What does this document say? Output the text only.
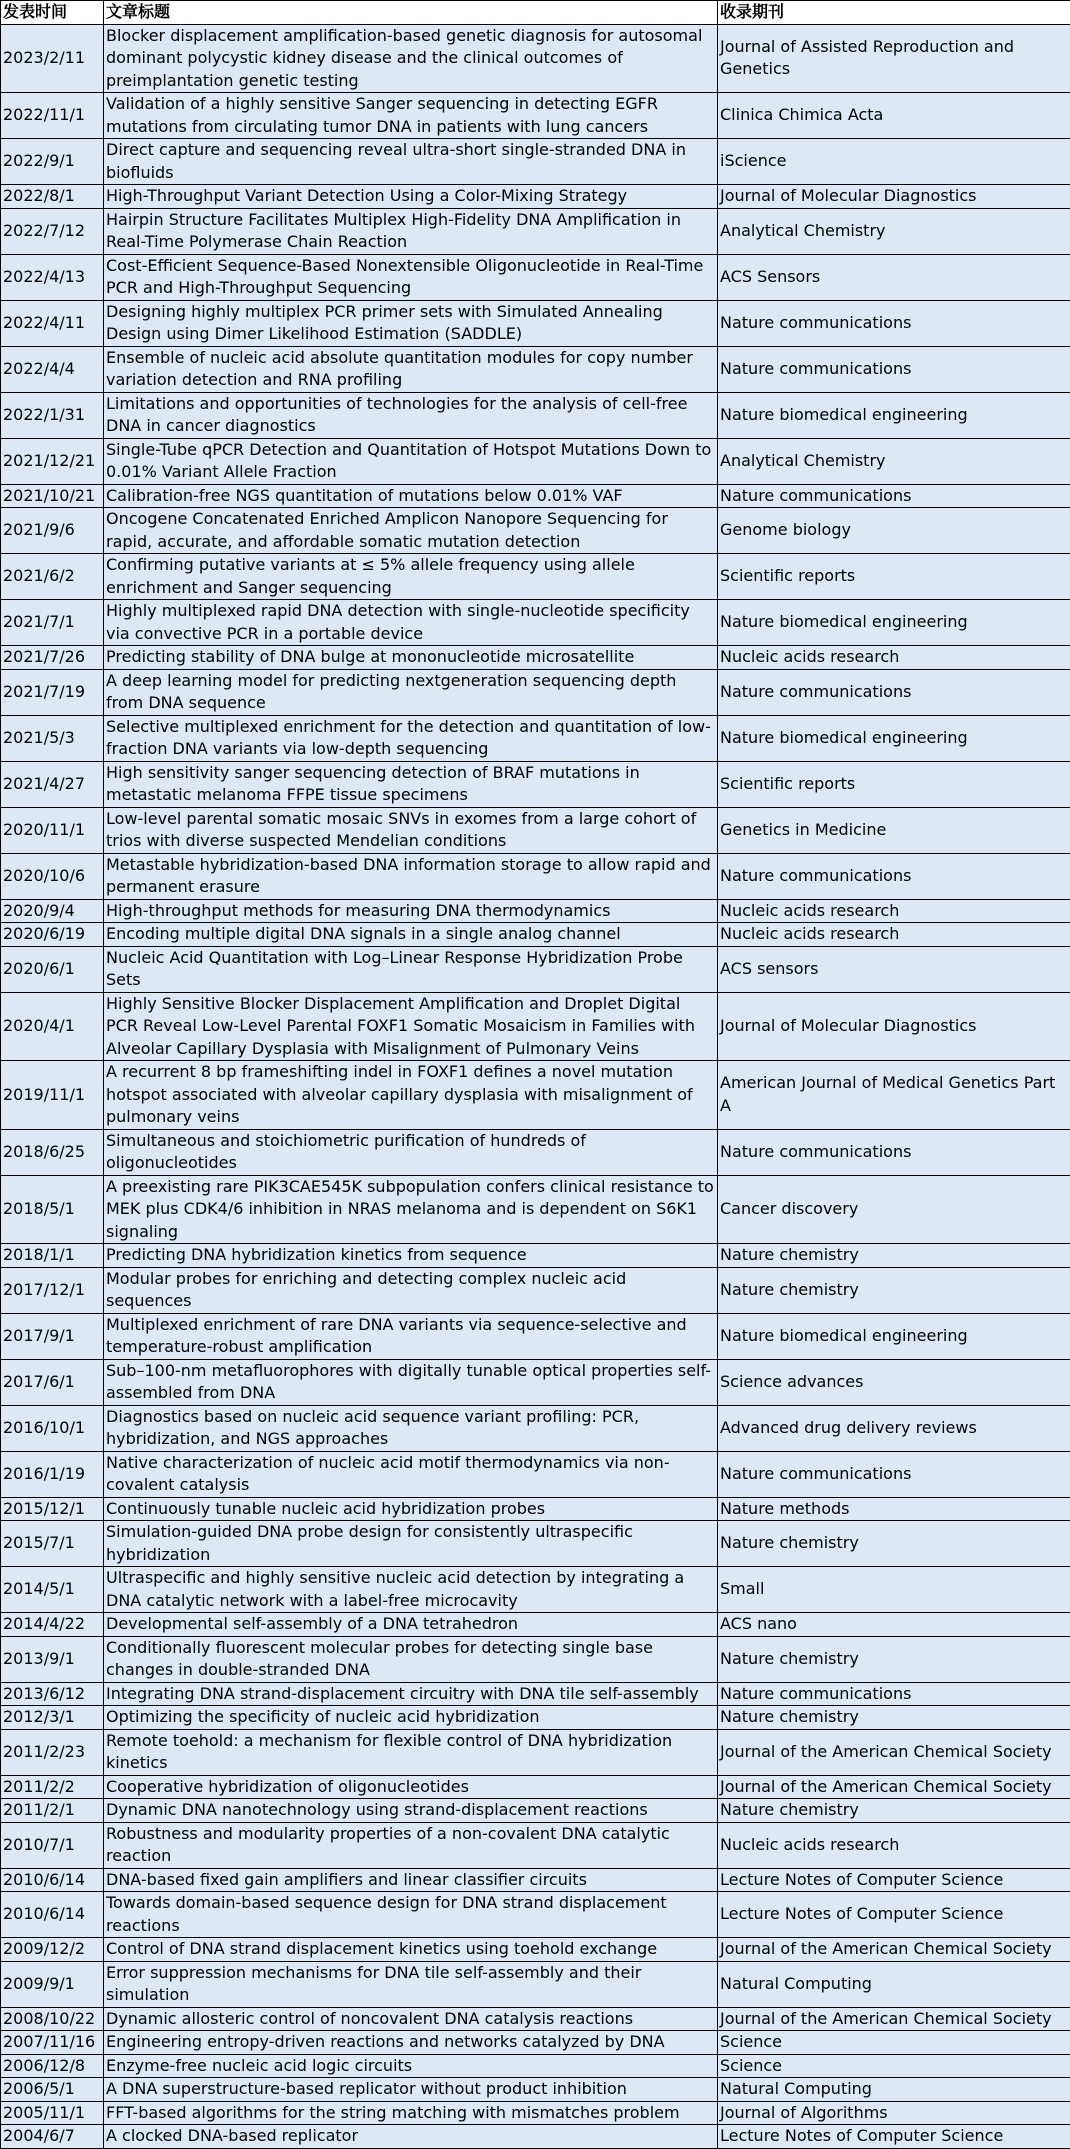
发表时间	文章标题	收录期刊
2023/2/11	Blocker displacement amplification-based genetic diagnosis for autosomal dominant polycystic kidney disease and the clinical outcomes of preimplantation genetic testing	Journal of Assisted Reproduction and Genetics
2022/11/1	Validation of a highly sensitive Sanger sequencing in detecting EGFR mutations from circulating tumor DNA in patients with lung cancers	Clinica Chimica Acta
2022/9/1	Direct capture and sequencing reveal ultra-short single-stranded DNA in biofluids	iScience
2022/8/1	High-Throughput Variant Detection Using a Color-Mixing Strategy	Journal of Molecular Diagnostics
2022/7/12	Hairpin Structure Facilitates Multiplex High-Fidelity DNA Amplification in Real-Time Polymerase Chain Reaction	Analytical Chemistry
2022/4/13	Cost-Efficient Sequence-Based Nonextensible Oligonucleotide in Real-Time PCR and High-Throughput Sequencing	ACS Sensors
2022/4/11	Designing highly multiplex PCR primer sets with Simulated Annealing Design using Dimer Likelihood Estimation (SADDLE)	Nature communications
2022/4/4	Ensemble of nucleic acid absolute quantitation modules for copy number variation detection and RNA profiling	Nature communications
2022/1/31	Limitations and opportunities of technologies for the analysis of cell-free DNA in cancer diagnostics	Nature biomedical engineering
2021/12/21	Single-Tube qPCR Detection and Quantitation of Hotspot Mutations Down to 0.01% Variant Allele Fraction	Analytical Chemistry
2021/10/21	Calibration-free NGS quantitation of mutations below 0.01% VAF	Nature communications
2021/9/6	Oncogene Concatenated Enriched Amplicon Nanopore Sequencing for rapid, accurate, and affordable somatic mutation detection	Genome biology
2021/6/2	Confirming putative variants at ≤ 5% allele frequency using allele enrichment and Sanger sequencing	Scientific reports
2021/7/1	Highly multiplexed rapid DNA detection with single-nucleotide specificity via convective PCR in a portable device	Nature biomedical engineering
2021/7/26	Predicting stability of DNA bulge at mononucleotide microsatellite	Nucleic acids research
2021/7/19	A deep learning model for predicting nextgeneration sequencing depth from DNA sequence	Nature communications
2021/5/3	Selective multiplexed enrichment for the detection and quantitation of low-fraction DNA variants via low-depth sequencing	Nature biomedical engineering
2021/4/27	High sensitivity sanger sequencing detection of BRAF mutations in metastatic melanoma FFPE tissue specimens	Scientific reports
2020/11/1	Low-level parental somatic mosaic SNVs in exomes from a large cohort of trios with diverse suspected Mendelian conditions	Genetics in Medicine
2020/10/6	Metastable hybridization-based DNA information storage to allow rapid and permanent erasure	Nature communications
2020/9/4	High-throughput methods for measuring DNA thermodynamics	Nucleic acids research
2020/6/19	Encoding multiple digital DNA signals in a single analog channel	Nucleic acids research
2020/6/1	Nucleic Acid Quantitation with Log–Linear Response Hybridization Probe Sets	ACS sensors
2020/4/1	Highly Sensitive Blocker Displacement Amplification and Droplet Digital PCR Reveal Low-Level Parental FOXF1 Somatic Mosaicism in Families with Alveolar Capillary Dysplasia with Misalignment of Pulmonary Veins	Journal of Molecular Diagnostics
2019/11/1	A recurrent 8 bp frameshifting indel in FOXF1 defines a novel mutation hotspot associated with alveolar capillary dysplasia with misalignment of pulmonary veins	American Journal of Medical Genetics Part A
2018/6/25	Simultaneous and stoichiometric purification of hundreds of oligonucleotides	Nature communications
2018/5/1	A preexisting rare PIK3CAE545K subpopulation confers clinical resistance to MEK plus CDK4/6 inhibition in NRAS melanoma and is dependent on S6K1 signaling	Cancer discovery
2018/1/1	Predicting DNA hybridization kinetics from sequence	Nature chemistry
2017/12/1	Modular probes for enriching and detecting complex nucleic acid sequences	Nature chemistry
2017/9/1	Multiplexed enrichment of rare DNA variants via sequence-selective and temperature-robust amplification	Nature biomedical engineering
2017/6/1	Sub–100-nm metafluorophores with digitally tunable optical properties self-assembled from DNA	Science advances
2016/10/1	Diagnostics based on nucleic acid sequence variant profiling: PCR, hybridization, and NGS approaches	Advanced drug delivery reviews
2016/1/19	Native characterization of nucleic acid motif thermodynamics via non-covalent catalysis	Nature communications
2015/12/1	Continuously tunable nucleic acid hybridization probes	Nature methods
2015/7/1	Simulation-guided DNA probe design for consistently ultraspecific hybridization	Nature chemistry
2014/5/1	Ultraspecific and highly sensitive nucleic acid detection by integrating a DNA catalytic network with a label-free microcavity	Small
2014/4/22	Developmental self-assembly of a DNA tetrahedron	ACS nano
2013/9/1	Conditionally fluorescent molecular probes for detecting single base changes in double-stranded DNA	Nature chemistry
2013/6/12	Integrating DNA strand-displacement circuitry with DNA tile self-assembly	Nature communications
2012/3/1	Optimizing the specificity of nucleic acid hybridization	Nature chemistry
2011/2/23	Remote toehold: a mechanism for flexible control of DNA hybridization kinetics	Journal of the American Chemical Society
2011/2/2	Cooperative hybridization of oligonucleotides	Journal of the American Chemical Society
2011/2/1	Dynamic DNA nanotechnology using strand-displacement reactions	Nature chemistry
2010/7/1	Robustness and modularity properties of a non-covalent DNA catalytic reaction	Nucleic acids research
2010/6/14	DNA-based fixed gain amplifiers and linear classifier circuits	Lecture Notes of Computer Science
2010/6/14	Towards domain-based sequence design for DNA strand displacement reactions	Lecture Notes of Computer Science
2009/12/2	Control of DNA strand displacement kinetics using toehold exchange	Journal of the American Chemical Society
2009/9/1	Error suppression mechanisms for DNA tile self-assembly and their simulation	Natural Computing
2008/10/22	Dynamic allosteric control of noncovalent DNA catalysis reactions	Journal of the American Chemical Society
2007/11/16	Engineering entropy-driven reactions and networks catalyzed by DNA	Science
2006/12/8	Enzyme-free nucleic acid logic circuits	Science
2006/5/1	A DNA superstructure-based replicator without product inhibition	Natural Computing
2005/11/1	FFT-based algorithms for the string matching with mismatches problem	Journal of Algorithms
2004/6/7	A clocked DNA-based replicator	Lecture Notes of Computer Science
